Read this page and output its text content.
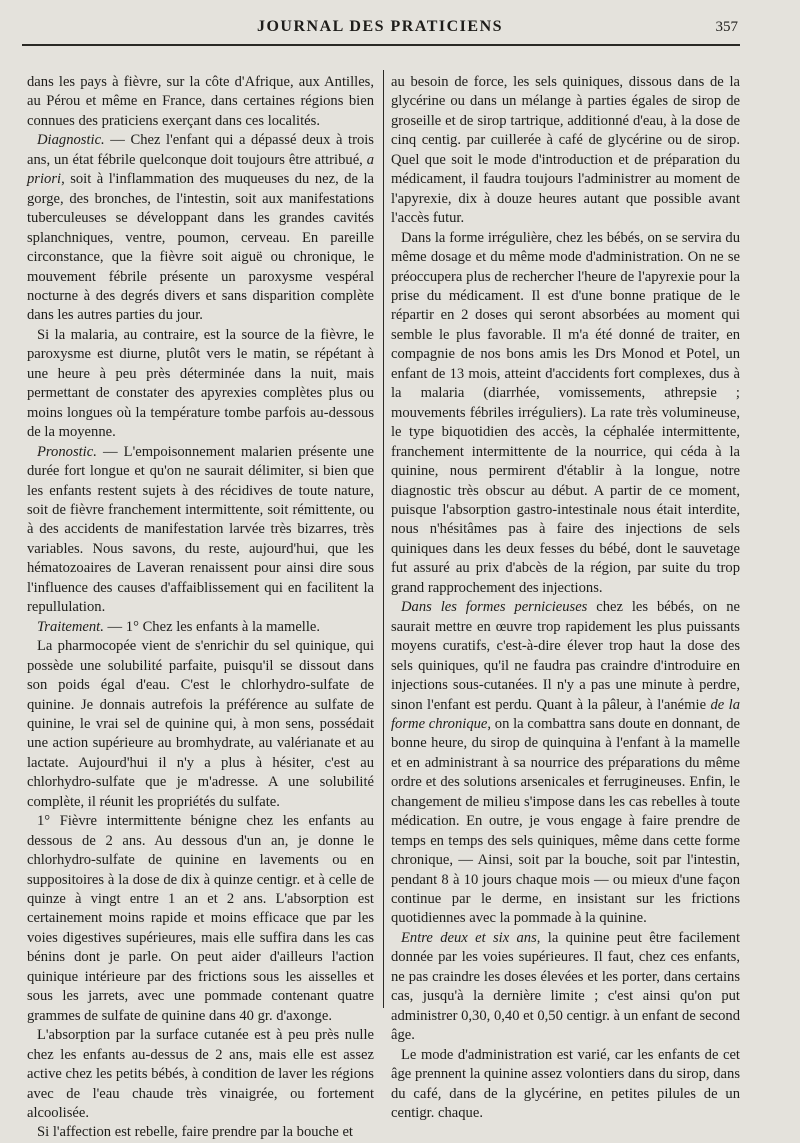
JOURNAL DES PRATICIENS	357

dans les pays à fièvre, sur la côte d'Afrique, aux Antilles, au Pérou et même en France, dans certaines régions bien connues des praticiens exerçant dans ces localités.

Diagnostic. — Chez l'enfant qui a dépassé deux à trois ans, un état fébrile quelconque doit toujours être attribué, a priori, soit à l'inflammation des muqueuses du nez, de la gorge, des bronches, de l'intestin, soit aux manifestations tuberculeuses se développant dans les grandes cavités splanchniques, ventre, poumon, cerveau. En pareille circonstance, que la fièvre soit aiguë ou chronique, le mouvement fébrile présente un paroxysme vespéral nocturne à des degrés divers et sans disparition complète dans les autres parties du jour.

Si la malaria, au contraire, est la source de la fièvre, le paroxysme est diurne, plutôt vers le matin, se répétant à une heure à peu près déterminée dans la nuit, mais permettant de constater des apyrexies complètes plus ou moins longues où la température tombe parfois au-dessous de la moyenne.

Pronostic. — L'empoisonnement malarien présente une durée fort longue et qu'on ne saurait délimiter, si bien que les enfants restent sujets à des récidives de toute nature, soit de fièvre franchement intermittente, soit rémittente, ou à des accidents de manifestation larvée très bizarres, très variables. Nous savons, du reste, aujourd'hui, que les hématozoaires de Laveran renaissent pour ainsi dire sous l'influence des causes d'affaiblissement qui en facilitent la repullulation.

Traitement. — 1° Chez les enfants à la mamelle.

La pharmocopée vient de s'enrichir du sel quinique, qui possède une solubilité parfaite, puisqu'il se dissout dans son poids égal d'eau. C'est le chlorhydro-sulfate de quinine. Je donnais autrefois la préférence au sulfate de quinine, le vrai sel de quinine qui, à mon sens, possédait une action supérieure au bromhydrate, au valérianate et au lactate. Aujourd'hui il n'y a plus à hésiter, c'est au chlorhydro-sulfate que je m'adresse. A une solubilité complète, il réunit les propriétés du sulfate.

1° Fièvre intermittente bénigne chez les enfants au dessous de 2 ans. Au dessous d'un an, je donne le chlorhydro-sulfate de quinine en lavements ou en suppositoires à la dose de dix à quinze centigr. et à celle de quinze à vingt entre 1 an et 2 ans. L'absorption est certainement moins rapide et moins efficace que par les voies digestives supérieures, mais elle suffira dans les cas bénins dont je parle. On peut aider d'ailleurs l'action quinique intérieure par des frictions sous les aisselles et sous les jarrets, avec une pommade contenant quatre grammes de sulfate de quinine dans 40 gr. d'axonge.

L'absorption par la surface cutanée est à peu près nulle chez les enfants au-dessus de 2 ans, mais elle est assez active chez les petits bébés, à condition de laver les régions avec de l'eau chaude très vinaigrée, ou fortement alcoolisée.

Si l'affection est rebelle, faire prendre par la bouche et

au besoin de force, les sels quiniques, dissous dans de la glycérine ou dans un mélange à parties égales de sirop de groseille et de sirop tartrique, additionné d'eau, à la dose de cinq centig. par cuillerée à café de glycérine ou de sirop. Quel que soit le mode d'introduction et de préparation du médicament, il faudra toujours l'administrer au moment de l'apyrexie, dix à douze heures autant que possible avant l'accès futur.

Dans la forme irrégulière, chez les bébés, on se servira du même dosage et du même mode d'administration. On ne se préoccupera plus de rechercher l'heure de l'apyrexie pour la prise du médicament. Il est d'une bonne pratique de le répartir en 2 doses qui seront absorbées au moment qui semble le plus favorable. Il m'a été donné de traiter, en compagnie de nos bons amis les Drs Monod et Potel, un enfant de 13 mois, atteint d'accidents fort complexes, dus à la malaria (diarrhée, vomissements, athrepsie ; mouvements fébriles irréguliers). La rate très volumineuse, le type biquotidien des accès, la céphalée intermittente, franchement intermittente de la nourrice, qui céda à la quinine, nous permirent d'établir à la longue, notre diagnostic très obscur au début. A partir de ce moment, puisque l'absorption gastro-intestinale nous était interdite, nous n'hésitâmes pas à faire des injections de sels quiniques dans les deux fesses du bébé, dont le sauvetage fut assuré au prix d'abcès de la région, par suite du trop grand rapprochement des injections.

Dans les formes pernicieuses chez les bébés, on ne saurait mettre en œuvre trop rapidement les plus puissants moyens curatifs, c'est-à-dire élever trop haut la dose des sels quiniques, qu'il ne faudra pas craindre d'introduire en injections sous-cutanées. Il n'y a pas une minute à perdre, sinon l'enfant est perdu. Quant à la pâleur, à l'anémie de la forme chronique, on la combattra sans doute en donnant, de bonne heure, du sirop de quinquina à l'enfant à la mamelle et en administrant à sa nourrice des préparations du même ordre et des solutions arsenicales et ferrugineuses. Enfin, le changement de milieu s'impose dans les cas rebelles à toute médication. En outre, je vous engage à faire prendre de temps en temps des sels quiniques, même dans cette forme chronique, — Ainsi, soit par la bouche, soit par l'intestin, pendant 8 à 10 jours chaque mois — ou mieux d'une façon continue par le derme, en insistant sur les frictions quotidiennes avec la pommade à la quinine.

Entre deux et six ans, la quinine peut être facilement donnée par les voies supérieures. Il faut, chez ces enfants, ne pas craindre les doses élevées et les porter, dans certains cas, jusqu'à la dernière limite ; c'est ainsi qu'on put administrer 0,30, 0,40 et 0,50 centigr. à un enfant de second âge.

Le mode d'administration est varié, car les enfants de cet âge prennent la quinine assez volontiers dans du sirop, dans du café, dans de la glycérine, en petites pilules de un centigr. chaque.
